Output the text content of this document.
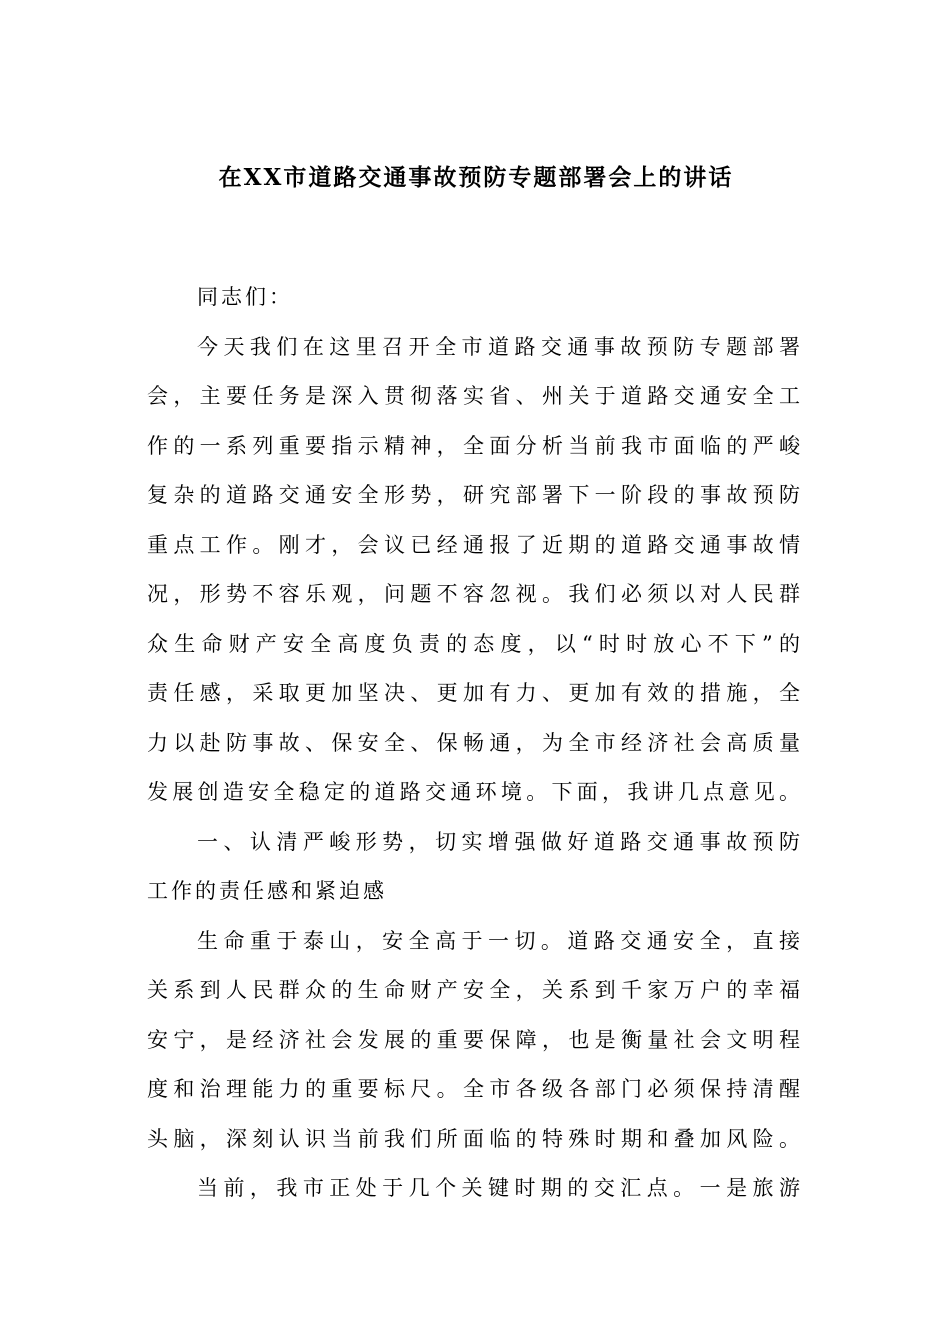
在XX市道路交通事故预防专题部署会上的讲话
同志们：
今天我们在这里召开全市道路交通事故预防专题部署
会，主要任务是深入贯彻落实省、州关于道路交通安全工
作的一系列重要指示精神，全面分析当前我市面临的严峻
复杂的道路交通安全形势，研究部署下一阶段的事故预防
重点工作。刚才，会议已经通报了近期的道路交通事故情
况，形势不容乐观，问题不容忽视。我们必须以对人民群
众生命财产安全高度负责的态度，以“时时放心不下”的
责任感，采取更加坚决、更加有力、更加有效的措施，全
力以赴防事故、保安全、保畅通，为全市经济社会高质量
发展创造安全稳定的道路交通环境。下面，我讲几点意见。
一、认清严峻形势，切实增强做好道路交通事故预防
工作的责任感和紧迫感
生命重于泰山，安全高于一切。道路交通安全，直接
关系到人民群众的生命财产安全，关系到千家万户的幸福
安宁，是经济社会发展的重要保障，也是衡量社会文明程
度和治理能力的重要标尺。全市各级各部门必须保持清醒
头脑，深刻认识当前我们所面临的特殊时期和叠加风险。
当前，我市正处于几个关键时期的交汇点。一是旅游
